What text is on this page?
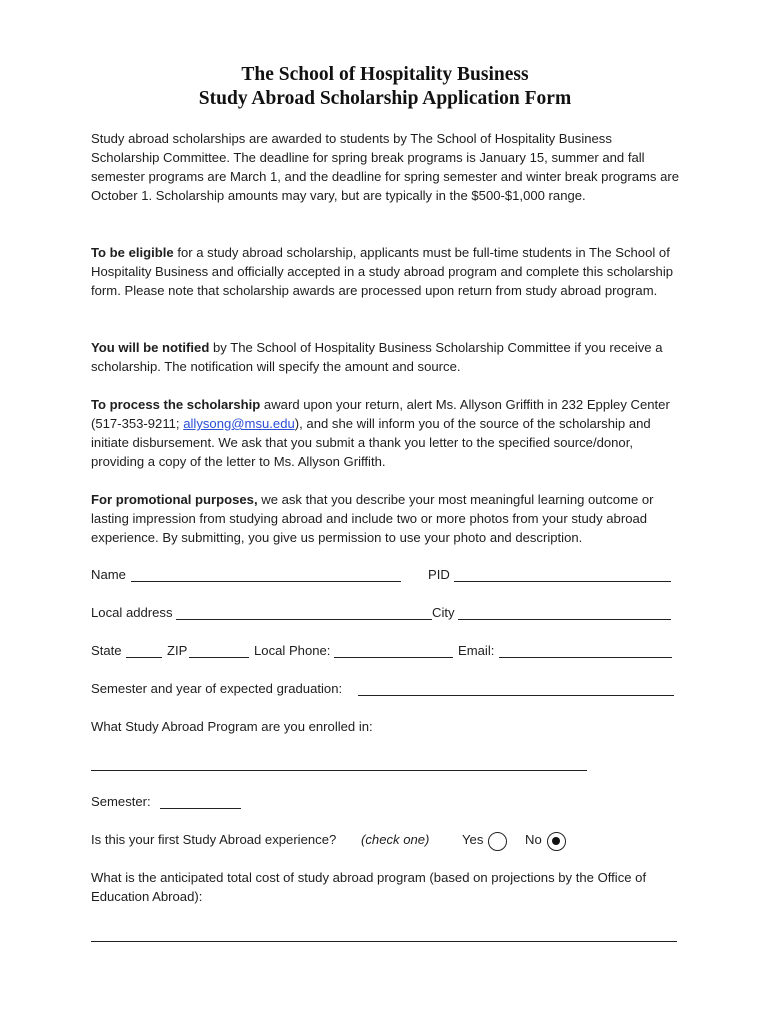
The School of Hospitality Business
Study Abroad Scholarship Application Form
Study abroad scholarships are awarded to students by The School of Hospitality Business Scholarship Committee. The deadline for spring break programs is January 15, summer and fall semester programs are March 1, and the deadline for spring semester and winter break programs are October 1. Scholarship amounts may vary, but are typically in the $500-$1,000 range.
To be eligible for a study abroad scholarship, applicants must be full-time students in The School of Hospitality Business and officially accepted in a study abroad program and complete this scholarship form. Please note that scholarship awards are processed upon return from study abroad program.
You will be notified by The School of Hospitality Business Scholarship Committee if you receive a scholarship. The notification will specify the amount and source.
To process the scholarship award upon your return, alert Ms. Allyson Griffith in 232 Eppley Center (517-353-9211; allysong@msu.edu), and she will inform you of the source of the scholarship and initiate disbursement. We ask that you submit a thank you letter to the specified source/donor, providing a copy of the letter to Ms. Allyson Griffith.
For promotional purposes, we ask that you describe your most meaningful learning outcome or lasting impression from studying abroad and include two or more photos from your study abroad experience. By submitting, you give us permission to use your photo and description.
Name	PID
Local address	City
State	ZIP	Local Phone:	Email:
Semester and year of expected graduation:
What Study Abroad Program are you enrolled in:
Semester:
Is this your first Study Abroad experience? (check one) Yes	No
What is the anticipated total cost of study abroad program (based on projections by the Office of Education Abroad):
